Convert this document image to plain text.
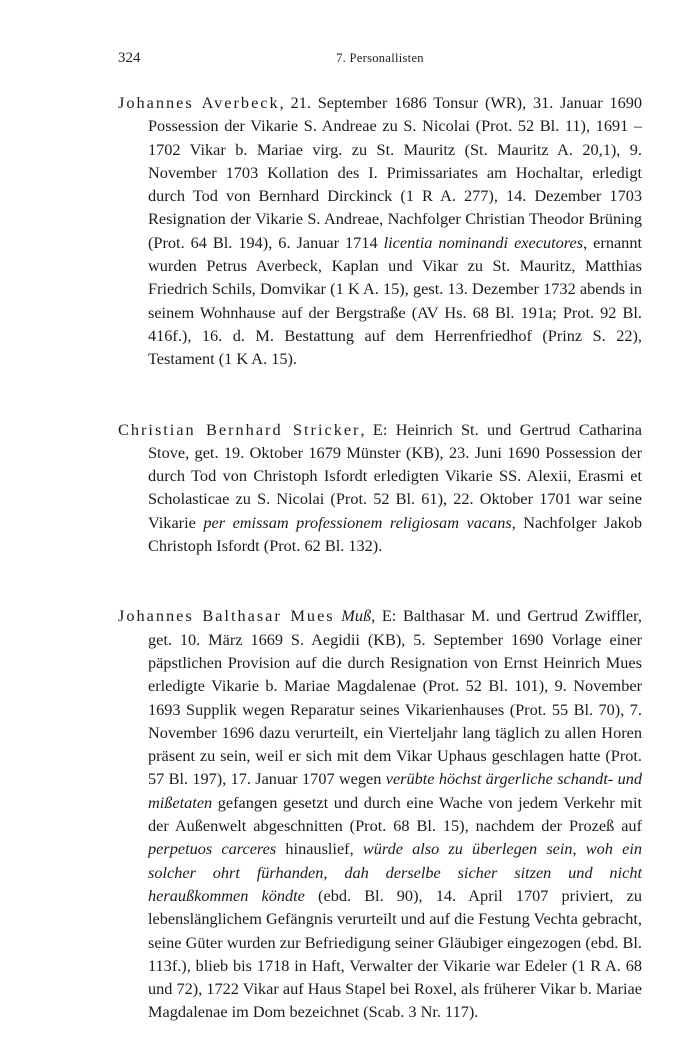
324	7. Personallisten

Johannes Averbeck, 21. September 1686 Tonsur (WR), 31. Januar 1690 Possession der Vikarie S. Andreae zu S. Nicolai (Prot. 52 Bl. 11), 1691 – 1702 Vikar b. Mariae virg. zu St. Mauritz (St. Mauritz A. 20,1), 9. November 1703 Kollation des I. Primissariates am Hochaltar, erledigt durch Tod von Bernhard Dirckinck (1 R A. 277), 14. Dezember 1703 Resignation der Vikarie S. Andreae, Nachfolger Christian Theodor Brüning (Prot. 64 Bl. 194), 6. Januar 1714 licentia nominandi executores, ernannt wurden Petrus Averbeck, Kaplan und Vikar zu St. Mauritz, Matthias Friedrich Schils, Domvikar (1 K A. 15), gest. 13. Dezember 1732 abends in seinem Wohnhause auf der Bergstraße (AV Hs. 68 Bl. 191a; Prot. 92 Bl. 416f.), 16. d. M. Bestattung auf dem Herrenfriedhof (Prinz S. 22), Testament (1 K A. 15).

Christian Bernhard Stricker, E: Heinrich St. und Gertrud Catharina Stove, get. 19. Oktober 1679 Münster (KB), 23. Juni 1690 Possession der durch Tod von Christoph Isfordt erledigten Vikarie SS. Alexii, Erasmi et Scholasticae zu S. Nicolai (Prot. 52 Bl. 61), 22. Oktober 1701 war seine Vikarie per emissam professionem religiosam vacans, Nachfolger Jakob Christoph Isfordt (Prot. 62 Bl. 132).

Johannes Balthasar Mues Muß, E: Balthasar M. und Gertrud Zwiffler, get. 10. März 1669 S. Aegidii (KB), 5. September 1690 Vorlage einer päpstlichen Provision auf die durch Resignation von Ernst Heinrich Mues erledigte Vikarie b. Mariae Magdalenae (Prot. 52 Bl. 101), 9. November 1693 Supplik wegen Reparatur seines Vikarienhauses (Prot. 55 Bl. 70), 7. November 1696 dazu verurteilt, ein Vierteljahr lang täglich zu allen Horen präsent zu sein, weil er sich mit dem Vikar Uphaus geschlagen hatte (Prot. 57 Bl. 197), 17. Januar 1707 wegen verübte höchst ärgerliche schandt- und mißetaten gefangen gesetzt und durch eine Wache von jedem Verkehr mit der Außenwelt abgeschnitten (Prot. 68 Bl. 15), nachdem der Prozeß auf perpetuos carceres hinauslief, würde also zu überlegen sein, woh ein solcher ohrt fürhanden, dah derselbe sicher sitzen und nicht heraußkommen köndte (ebd. Bl. 90), 14. April 1707 priviert, zu lebenslänglichem Gefängnis verurteilt und auf die Festung Vechta gebracht, seine Güter wurden zur Befriedigung seiner Gläubiger eingezogen (ebd. Bl. 113f.), blieb bis 1718 in Haft, Verwalter der Vikarie war Edeler (1 R A. 68 und 72), 1722 Vikar auf Haus Stapel bei Roxel, als früherer Vikar b. Mariae Magdalenae im Dom bezeichnet (Scab. 3 Nr. 117).
